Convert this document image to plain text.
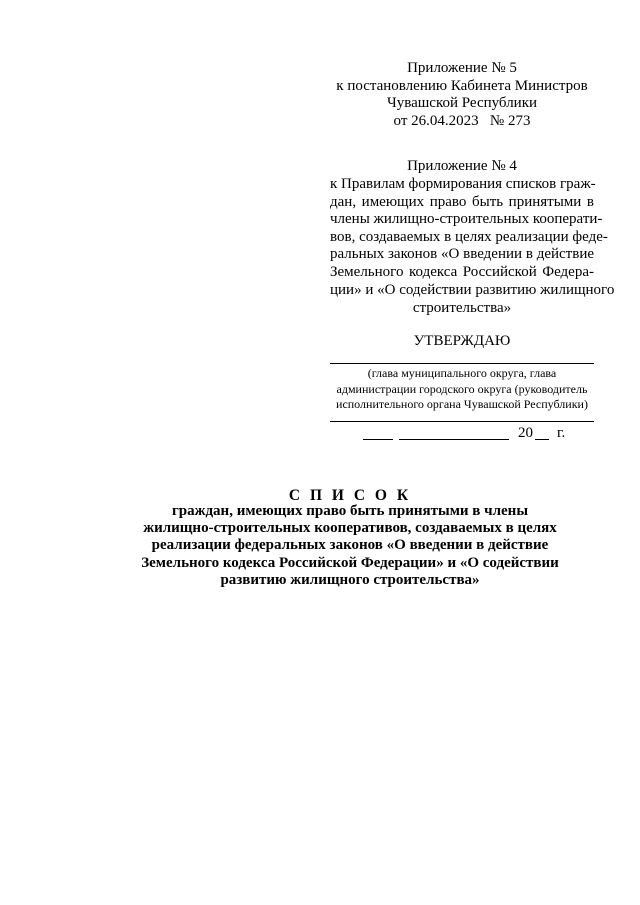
Приложение № 5
к постановлению Кабинета Министров
Чувашской Республики
от 26.04.2023   № 273
Приложение № 4
к Правилам формирования списков граж-
дан, имеющих право быть принятыми в
члены жилищно-строительных кооперати-
вов, создаваемых в целях реализации феде-
ральных законов «О введении в действие
Земельного кодекса Российской Федера-
ции» и «О содействии развитию жилищного
строительства»
УТВЕРЖДАЮ
(глава муниципального округа, глава
администрации городского округа (руководитель
исполнительного органа Чувашской Республики)
20 г.
С П И С О К
граждан, имеющих право быть принятыми в члены
жилищно-строительных кооперативов, создаваемых в целях
реализации федеральных законов «О введении в действие
Земельного кодекса Российской Федерации» и «О содействии
развитию жилищного строительства»
